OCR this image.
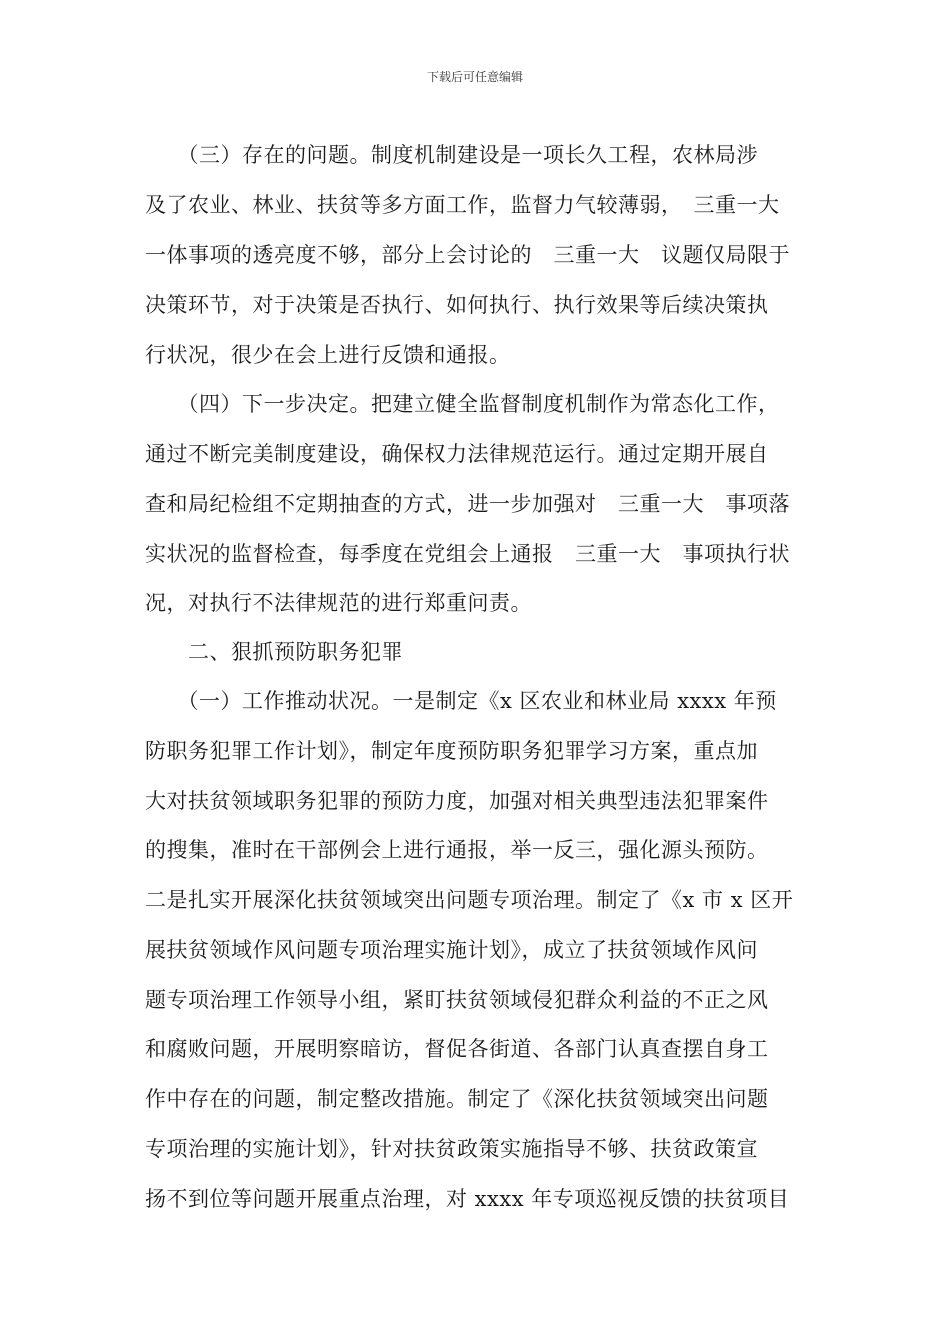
下载后可任意编辑
　　（三）存在的问题。制度机制建设是一项长久工程，农林局涉
及了农业、林业、扶贫等多方面工作，监督力气较薄弱，　三重一大
一体事项的透亮度不够，部分上会讨论的　三重一大　议题仅局限于
决策环节，对于决策是否执行、如何执行、执行效果等后续决策执
行状况，很少在会上进行反馈和通报。
　　（四）下一步决定。把建立健全监督制度机制作为常态化工作，
通过不断完美制度建设，确保权力法律规范运行。通过定期开展自
查和局纪检组不定期抽查的方式，进一步加强对　三重一大　事项落
实状况的监督检查，每季度在党组会上通报　三重一大　事项执行状
况，对执行不法律规范的进行郑重问责。
　　二、狠抓预防职务犯罪
　　（一）工作推动状况。一是制定《x 区农业和林业局 xxxx 年预
防职务犯罪工作计划》，制定年度预防职务犯罪学习方案，重点加
大对扶贫领域职务犯罪的预防力度，加强对相关典型违法犯罪案件
的搜集，准时在干部例会上进行通报，举一反三，强化源头预防。
二是扎实开展深化扶贫领域突出问题专项治理。制定了《x 市 x 区开
展扶贫领域作风问题专项治理实施计划》，成立了扶贫领域作风问
题专项治理工作领导小组，紧盯扶贫领域侵犯群众利益的不正之风
和腐败问题，开展明察暗访，督促各街道、各部门认真查摆自身工
作中存在的问题，制定整改措施。制定了《深化扶贫领域突出问题
专项治理的实施计划》，针对扶贫政策实施指导不够、扶贫政策宣
扬不到位等问题开展重点治理，对 xxxx 年专项巡视反馈的扶贫项目
